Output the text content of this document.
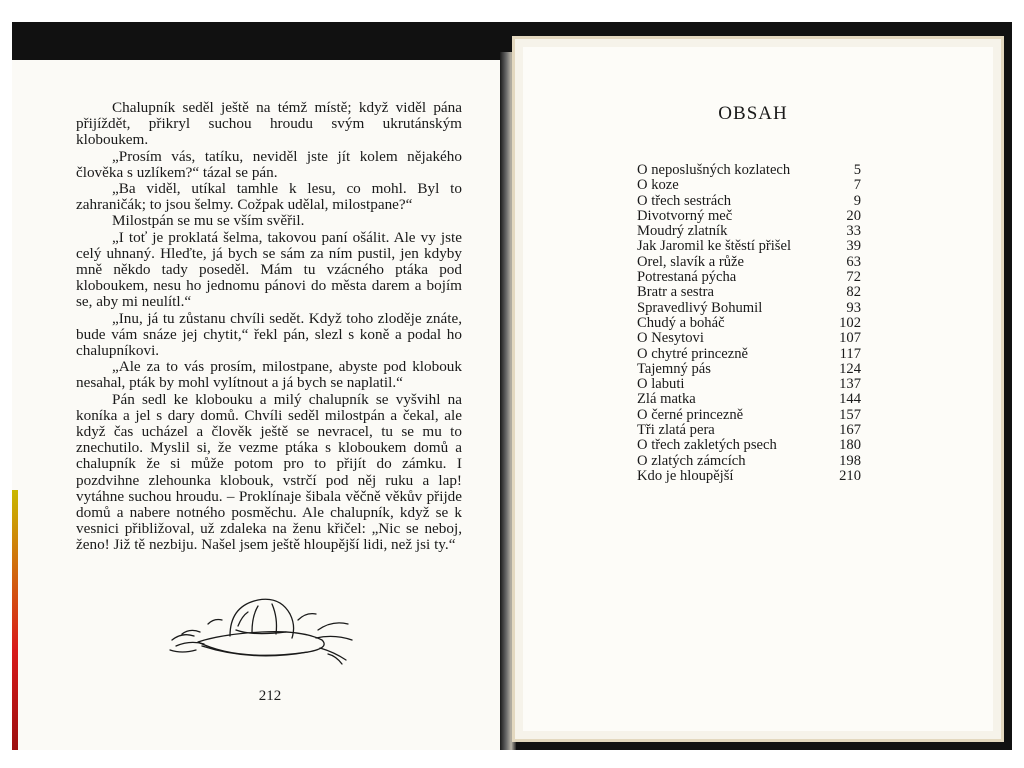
Chalupník seděl ještě na témž místě; když viděl pána přijíždět, přikryl suchou hroudu svým ukrutánským kloboukem.

„Prosím vás, tatíku, neviděl jste jít kolem nějakého člověka s uzlíkem?“ tázal se pán.

„Ba viděl, utíkal tamhle k lesu, co mohl. Byl to zahraničák; to jsou šelmy. Cožpak udělal, milostpane?“

Milostpán se mu se vším svěřil.

„I toť je proklatá šelma, takovou paní ošálit. Ale vy jste celý uhnaný. Hleďte, já bych se sám za ním pustil, jen kdyby mně někdo tady poseděl. Mám tu vzácného ptáka pod kloboukem, nesu ho jednomu pánovi do města darem a bojím se, aby mi neulítl.“

„Inu, já tu zůstanu chvíli sedět. Když toho zloděje znáte, bude vám snáze jej chytit,“ řekl pán, slezl s koně a podal ho chalupníkovi.

„Ale za to vás prosím, milostpane, abyste pod klobouk nesahal, pták by mohl vylítnout a já bych se naplatil.“

Pán sedl ke klobouku a milý chalupník se vyšvihl na koníka a jel s dary domů. Chvíli seděl milostpán a čekal, ale když čas ucházel a člověk ještě se nevracel, tu se mu to znechutilo. Myslil si, že vezme ptáka s kloboukem domů a chalupník že si může potom pro to přijít do zámku. I pozdvihne zlehounka klobouk, vstrčí pod něj ruku a lap! vytáhne suchou hroudu. – Proklínaje šibala věčně věkův přijde domů a nabere notného posměchu. Ale chalupník, když se k vesnici přibližoval, už zdaleka na ženu křičel: „Nic se neboj, ženo! Již tě nezbiju. Našel jsem ještě hloupější lidi, než jsi ty.“

212
OBSAH
O neposlušných kozlatech	5
O koze	7
O třech sestrách	9
Divotvorný meč	20
Moudrý zlatník	33
Jak Jaromil ke štěstí přišel	39
Orel, slavík a růže	63
Potrestaná pýcha	72
Bratr a sestra	82
Spravedlivý Bohumil	93
Chudý a boháč	102
O Nesytovi	107
O chytré princezně	117
Tajemný pás	124
O labuti	137
Zlá matka	144
O černé princezně	157
Tři zlatá pera	167
O třech zakletých psech	180
O zlatých zámcích	198
Kdo je hloupější	210
